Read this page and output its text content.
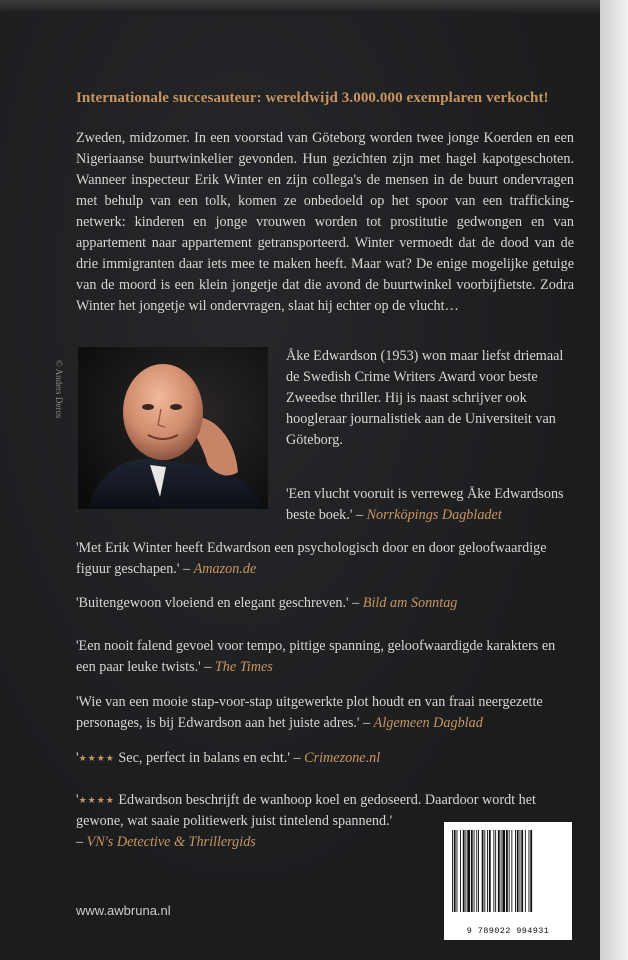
Internationale succesauteur: wereldwijd 3.000.000 exemplaren verkocht!

Zweden, midzomer. In een voorstad van Göteborg worden twee jonge Koerden en een Nigeriaanse buurtwinkelier gevonden. Hun gezichten zijn met hagel kapotgeschoten. Wanneer inspecteur Erik Winter en zijn collega's de mensen in de buurt ondervragen met behulp van een tolk, komen ze onbedoeld op het spoor van een trafficking-netwerk: kinderen en jonge vrouwen worden tot prostitutie gedwongen en van appartement naar appartement getransporteerd. Winter vermoedt dat de dood van de drie immigranten daar iets mee te maken heeft. Maar wat? De enige mogelijke getuige van de moord is een klein jongetje dat die avond de buurtwinkel voorbijfietste. Zodra Winter het jongetje wil ondervragen, slaat hij echter op de vlucht…

© Anders Deros

Åke Edwardson (1953) won maar liefst driemaal de Swedish Crime Writers Award voor beste Zweedse thriller. Hij is naast schrijver ook hoogleraar journalistiek aan de Universiteit van Göteborg.

'Een vlucht vooruit is verreweg Åke Edwardsons beste boek.' – Norrköpings Dagbladet

'Met Erik Winter heeft Edwardson een psychologisch door en door geloofwaardige figuur geschapen.' – Amazon.de

'Buitengewoon vloeiend en elegant geschreven.' – Bild am Sonntag

'Een nooit falend gevoel voor tempo, pittige spanning, geloofwaardigde karakters en een paar leuke twists.' – The Times

'Wie van een mooie stap-voor-stap uitgewerkte plot houdt en van fraai neergezette personages, is bij Edwardson aan het juiste adres.' – Algemeen Dagblad

'★★★★ Sec, perfect in balans en echt.' – Crimezone.nl

'★★★★ Edwardson beschrijft de wanhoop koel en gedoseerd. Daardoor wordt het gewone, wat saaie politiewerk juist tintelend spannend.'
– VN's Detective & Thrillergids

www.awbruna.nl
9 789022 994931
